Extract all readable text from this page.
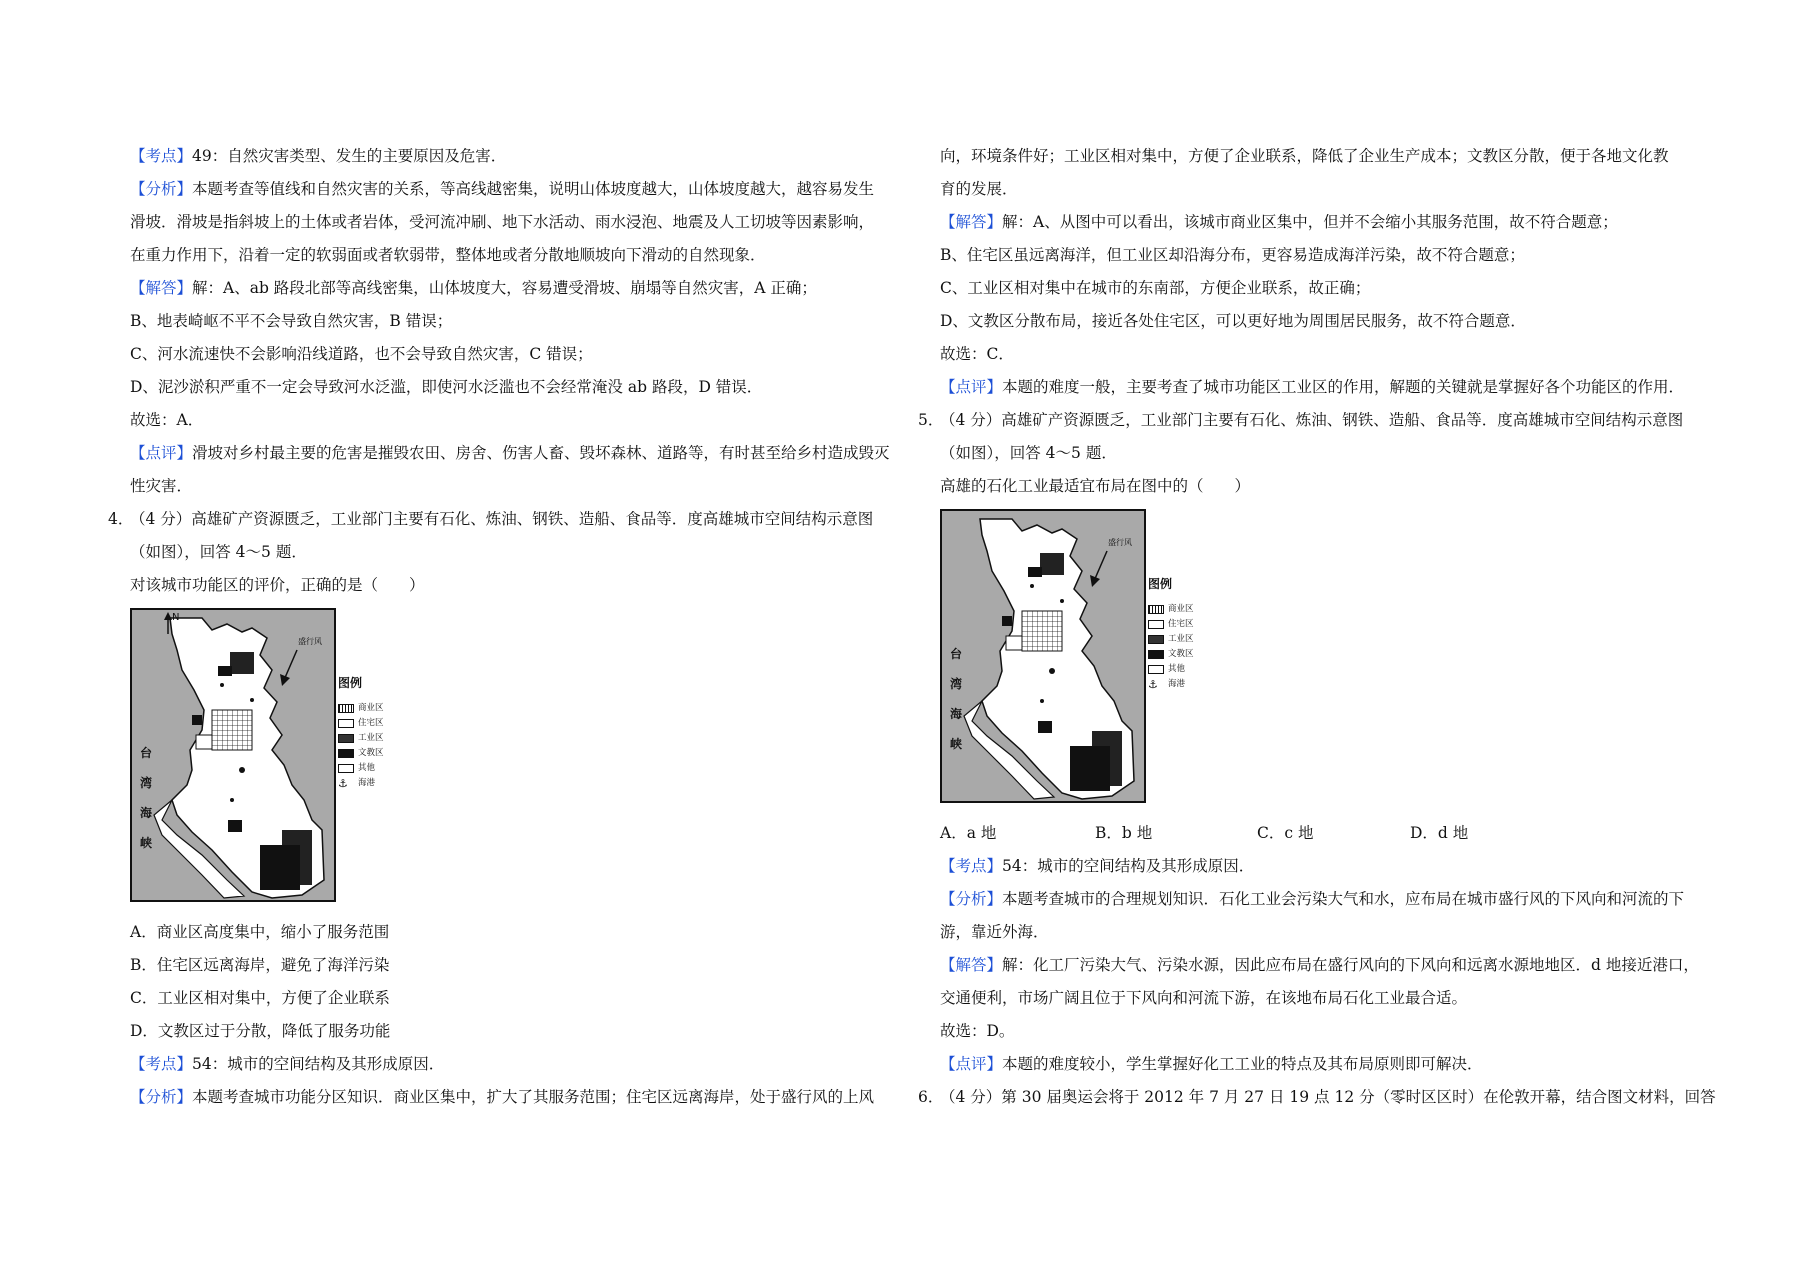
【考点】49：自然灾害类型、发生的主要原因及危害．

【分析】本题考查等值线和自然灾害的关系，等高线越密集，说明山体坡度越大，山体坡度越大，越容易发生

滑坡．滑坡是指斜坡上的土体或者岩体，受河流冲刷、地下水活动、雨水浸泡、地震及人工切坡等因素影响，

在重力作用下，沿着一定的软弱面或者软弱带，整体地或者分散地顺坡向下滑动的自然现象．

【解答】解：A、ab 路段北部等高线密集，山体坡度大，容易遭受滑坡、崩塌等自然灾害，A 正确；

B、地表崎岖不平不会导致自然灾害，B 错误；

C、河水流速快不会影响沿线道路，也不会导致自然灾害，C 错误；

D、泥沙淤积严重不一定会导致河水泛滥，即使河水泛滥也不会经常淹没 ab 路段，D 错误．

故选：A．

【点评】滑坡对乡村最主要的危害是摧毁农田、房舍、伤害人畜、毁坏森林、道路等，有时甚至给乡村造成毁灭

性灾害．

4．
（4 分）高雄矿产资源匮乏，工业部门主要有石化、炼油、钢铁、造船、食品等．度高雄城市空间结构示意图

（如图），回答 4～5 题．

对该城市功能区的评价，正确的是（　　）

N
盛行风
台
湾
海
峡
图例
商业区
住宅区
工业区
文教区
其他
⚓	海港

A．商业区高度集中，缩小了服务范围

B．住宅区远离海岸，避免了海洋污染

C．工业区相对集中，方便了企业联系

D．文教区过于分散，降低了服务功能

【考点】54：城市的空间结构及其形成原因．

【分析】本题考查城市功能分区知识．商业区集中，扩大了其服务范围；住宅区远离海岸，处于盛行风的上风

向，环境条件好；工业区相对集中，方便了企业联系，降低了企业生产成本；文教区分散，便于各地文化教

育的发展．

【解答】解：A、从图中可以看出，该城市商业区集中，但并不会缩小其服务范围，故不符合题意；

B、住宅区虽远离海洋，但工业区却沿海分布，更容易造成海洋污染，故不符合题意；

C、工业区相对集中在城市的东南部，方便企业联系，故正确；

D、文教区分散布局，接近各处住宅区，可以更好地为周围居民服务，故不符合题意．

故选：C．

【点评】本题的难度一般，主要考查了城市功能区工业区的作用，解题的关键就是掌握好各个功能区的作用．

5．
（4 分）高雄矿产资源匮乏，工业部门主要有石化、炼油、钢铁、造船、食品等．度高雄城市空间结构示意图

（如图），回答 4～5 题．

高雄的石化工业最适宜布局在图中的（　　）

盛行风
台
湾
海
峡
图例
商业区
住宅区
工业区
文教区
其他
⚓	海港
A．a 地	B．b 地	C．c 地	D．d 地

【考点】54：城市的空间结构及其形成原因．

【分析】本题考查城市的合理规划知识．石化工业会污染大气和水，应布局在城市盛行风的下风向和河流的下

游，靠近外海．

【解答】解：化工厂污染大气、污染水源，因此应布局在盛行风向的下风向和远离水源地地区．d 地接近港口，

交通便利，市场广阔且位于下风向和河流下游，在该地布局石化工业最合适。

故选：D。

【点评】本题的难度较小，学生掌握好化工工业的特点及其布局原则即可解决．

6．
（4 分）第 30 届奥运会将于 2012 年 7 月 27 日 19 点 12 分（零时区区时）在伦敦开幕，结合图文材料，回答
